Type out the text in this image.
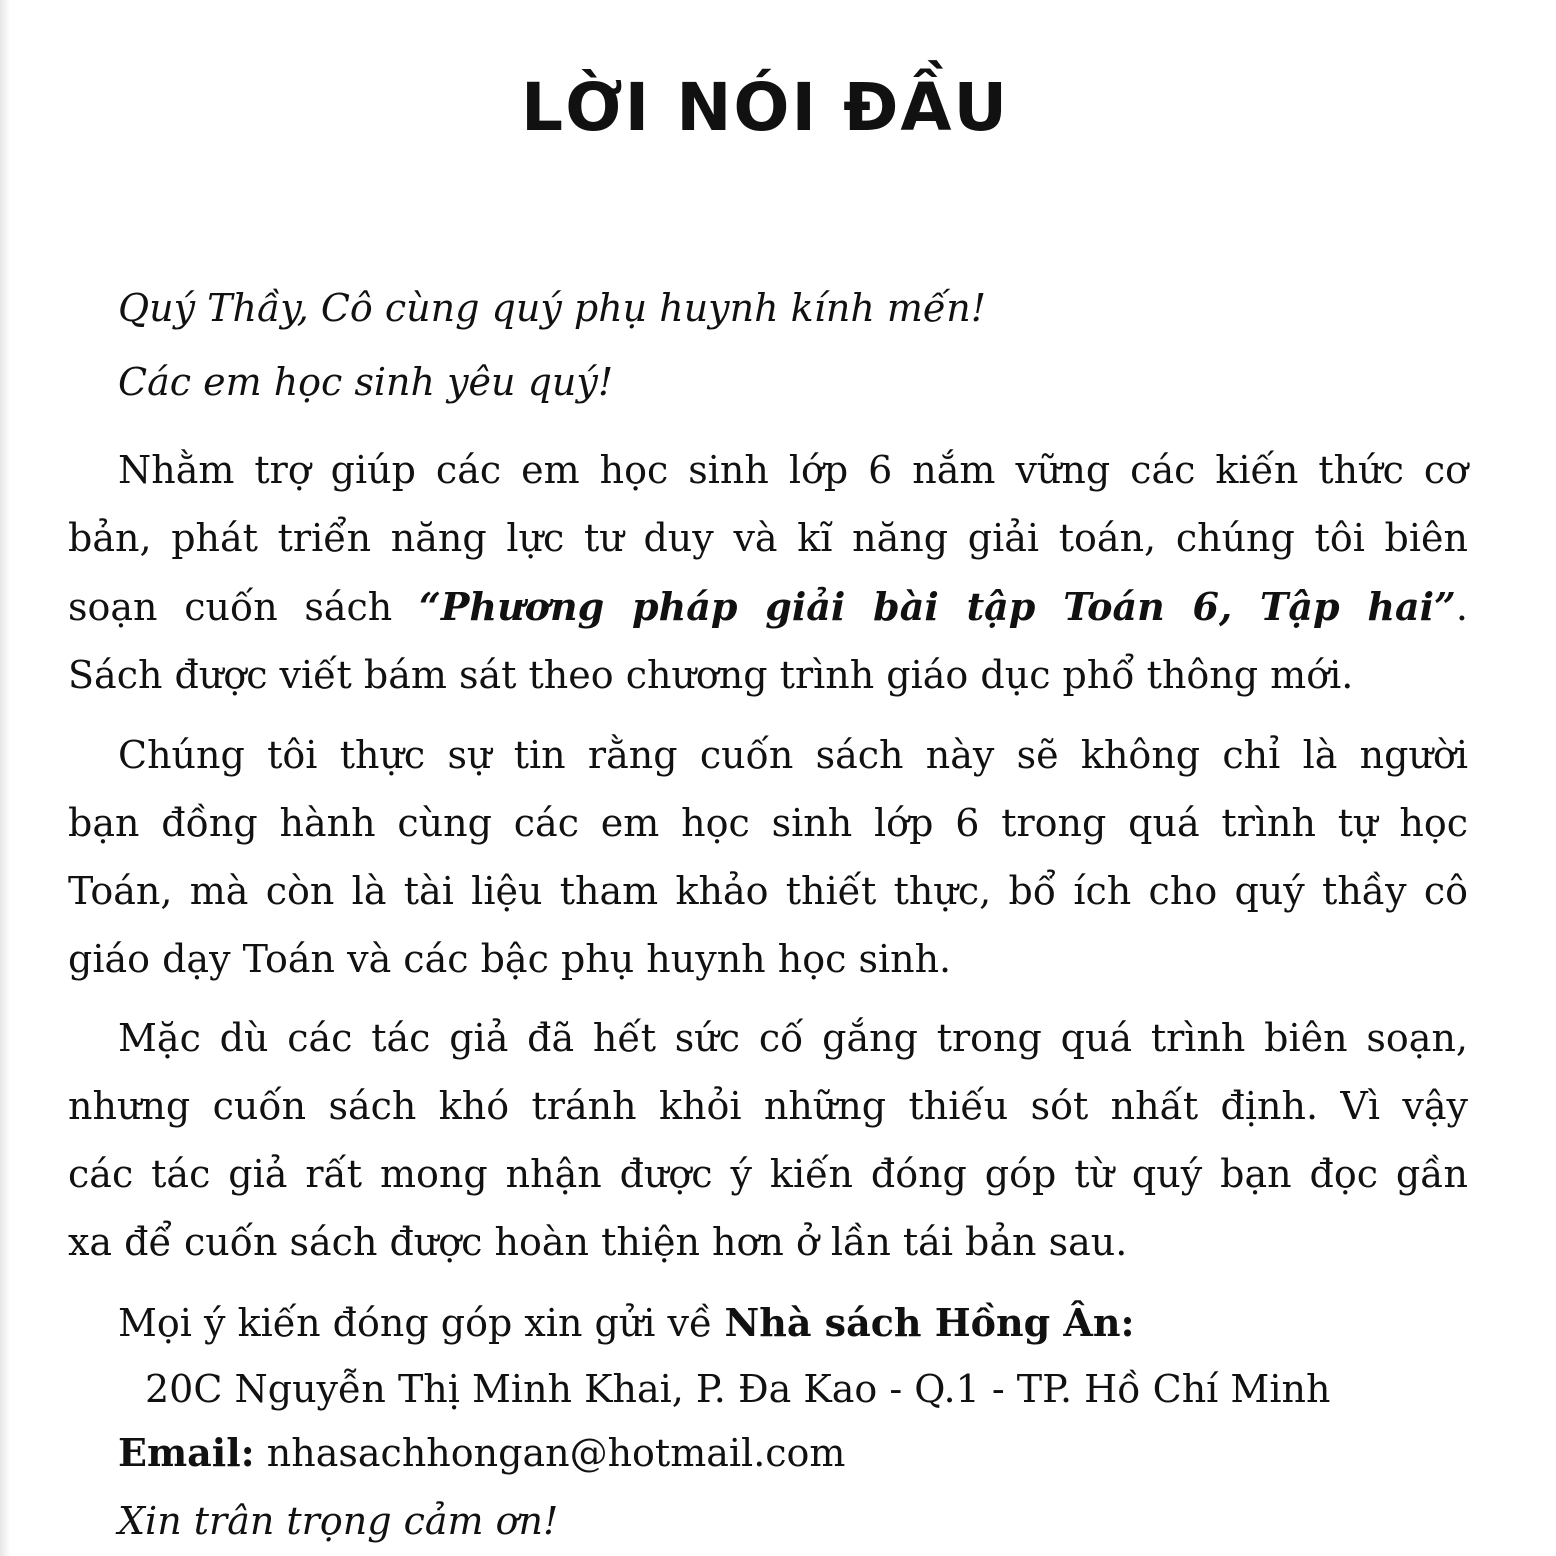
LỜI NÓI ĐẦU
Quý Thầy, Cô cùng quý phụ huynh kính mến!
Các em học sinh yêu quý!
Nhằm trợ giúp các em học sinh lớp 6 nắm vững các kiến thức cơ
bản, phát triển năng lực tư duy và kĩ năng giải toán, chúng tôi biên
soạn cuốn sách “Phương pháp giải bài tập Toán 6, Tập hai”.
Sách được viết bám sát theo chương trình giáo dục phổ thông mới.
Chúng tôi thực sự tin rằng cuốn sách này sẽ không chỉ là người
bạn đồng hành cùng các em học sinh lớp 6 trong quá trình tự học
Toán, mà còn là tài liệu tham khảo thiết thực, bổ ích cho quý thầy cô
giáo dạy Toán và các bậc phụ huynh học sinh.
Mặc dù các tác giả đã hết sức cố gắng trong quá trình biên soạn,
nhưng cuốn sách khó tránh khỏi những thiếu sót nhất định. Vì vậy
các tác giả rất mong nhận được ý kiến đóng góp từ quý bạn đọc gần
xa để cuốn sách được hoàn thiện hơn ở lần tái bản sau.
Mọi ý kiến đóng góp xin gửi về Nhà sách Hồng Ân:
20C Nguyễn Thị Minh Khai, P. Đa Kao - Q.1 - TP. Hồ Chí Minh
Email: nhasachhongan@hotmail.com
Xin trân trọng cảm ơn!
